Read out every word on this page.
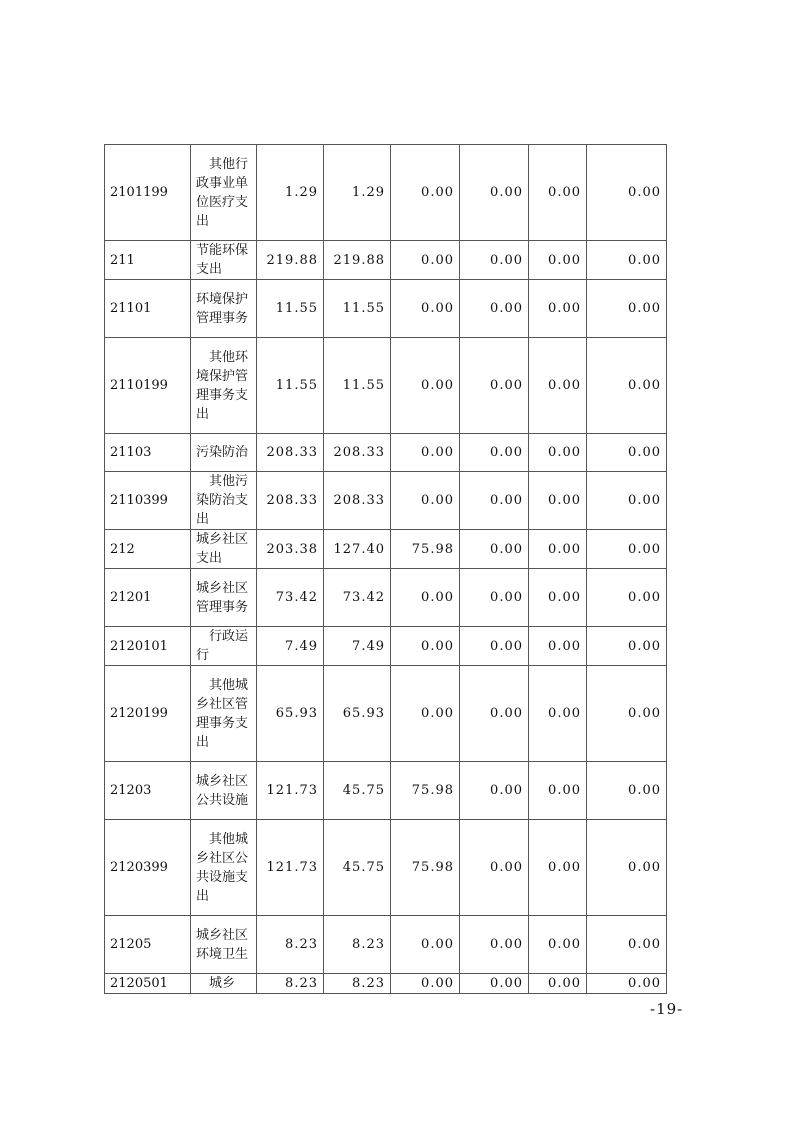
2101199	其他行政事业单位医疗支出	1.29	1.29	0.00	0.00	0.00	0.00
211	节能环保支出	219.88	219.88	0.00	0.00	0.00	0.00
21101	环境保护管理事务	11.55	11.55	0.00	0.00	0.00	0.00
2110199	其他环境保护管理事务支出	11.55	11.55	0.00	0.00	0.00	0.00
21103	污染防治	208.33	208.33	0.00	0.00	0.00	0.00
2110399	其他污染防治支出	208.33	208.33	0.00	0.00	0.00	0.00
212	城乡社区支出	203.38	127.40	75.98	0.00	0.00	0.00
21201	城乡社区管理事务	73.42	73.42	0.00	0.00	0.00	0.00
2120101	行政运行	7.49	7.49	0.00	0.00	0.00	0.00
2120199	其他城乡社区管理事务支出	65.93	65.93	0.00	0.00	0.00	0.00
21203	城乡社区公共设施	121.73	45.75	75.98	0.00	0.00	0.00
2120399	其他城乡社区公共设施支出	121.73	45.75	75.98	0.00	0.00	0.00
21205	城乡社区环境卫生	8.23	8.23	0.00	0.00	0.00	0.00
2120501	城乡	8.23	8.23	0.00	0.00	0.00	0.00
-19-
